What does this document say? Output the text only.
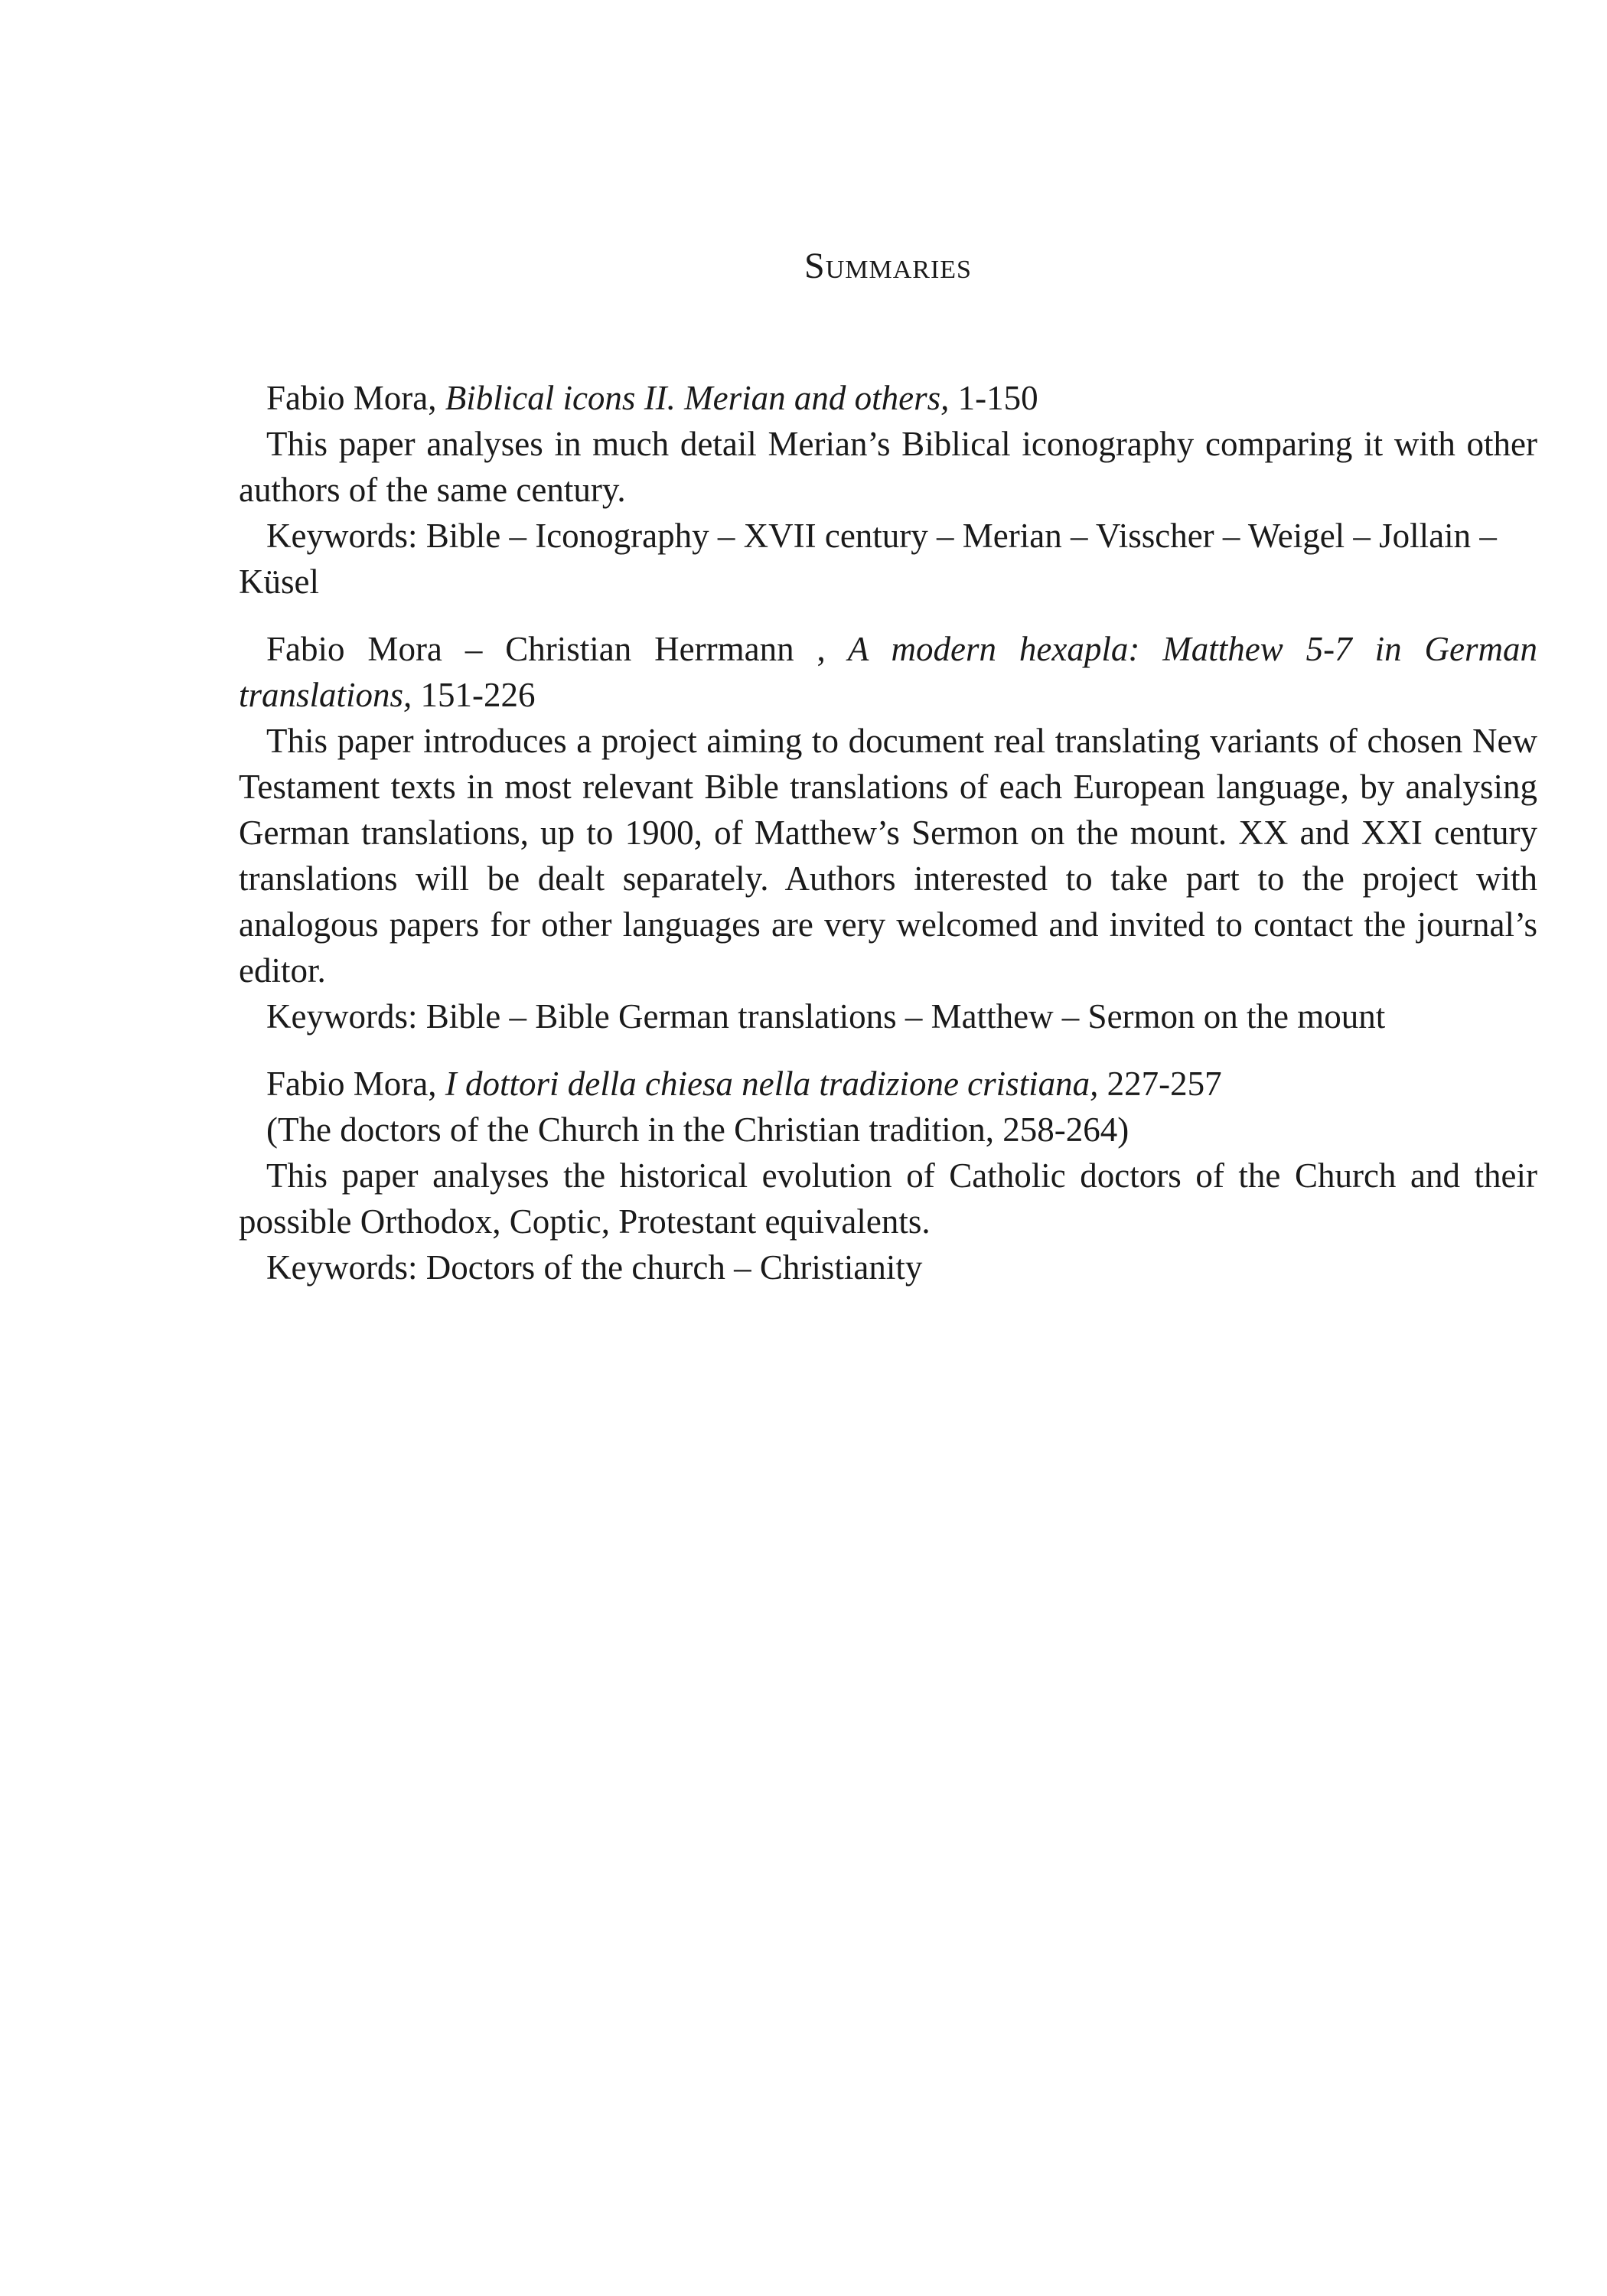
Summaries

Fabio Mora, Biblical icons II. Merian and others, 1-150

This paper analyses in much detail Merian’s Biblical iconography comparing it with other authors of the same century.

Keywords: Bible – Iconography – XVII century – Merian – Visscher – Weigel – Jollain – Küsel

Fabio Mora – Christian Herrmann , A modern hexapla: Matthew 5-7 in German translations, 151-226

This paper introduces a project aiming to document real translating variants of chosen New Testament texts in most relevant Bible translations of each European language, by analysing German translations, up to 1900, of Matthew’s Sermon on the mount. XX and XXI century translations will be dealt separately. Authors interested to take part to the project with analogous papers for other languages are very welcomed and invited to contact the journal’s editor.

Keywords: Bible – Bible German translations – Matthew – Sermon on the mount

Fabio Mora, I dottori della chiesa nella tradizione cristiana, 227-257

(The doctors of the Church in the Christian tradition, 258-264)

This paper analyses the historical evolution of Catholic doctors of the Church and their possible Orthodox, Coptic, Protestant equivalents.

Keywords: Doctors of the church – Christianity
